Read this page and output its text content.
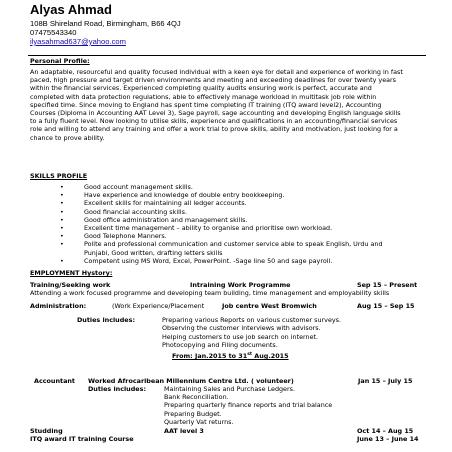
Alyas Ahmad
108B Shireland Road, Birmingham, B66 4QJ
07475543340
ilyasahmad637@yahoo.com
Personal Profile:
An adaptable, resourceful and quality focused individual with a keen eye for detail and experience of working in fast
paced, high pressure and target driven environments and meeting and exceeding deadlines for over twenty years
within the financial services. Experienced completing quality audits ensuring work is perfect, accurate and
completed with data protection regulations, able to effectively manage workload in multitask job role within
specified time. Since moving to England has spent time completing IT training (ITQ award level2), Accounting
Courses (Diploma in Accounting AAT Level 3), Sage payroll, sage accounting and developing English language skills
to a fully fluent level. Now looking to utilise skills, experience and qualifications in an accounting/financial services
role and willing to attend any training and offer a work trial to prove skills, ability and motivation, just looking for a
chance to prove ability.
SKILLS PROFILE
•	Good account management skills.
•	Have experience and knowledge of double entry bookkeeping.
•	Excellent skills for maintaining all ledger accounts.
•	Good financial accounting skills.
•	Good office administration and management skills.
•	Excellent time management – ability to organise and prioritise own workload.
•	Good Telephone Manners.
•	Polite and professional communication and customer service able to speak English, Urdu and
Punjabi, Good written, drafting letters skills
•	Competent using MS Word, Excel, PowerPoint. -Sage line 50 and sage payroll.
EMPLOYMENT Hystory:
Training/Seeking work	Intraining Work Programme	Sep 15 – Present
Attending a work focused programme and developing team building, time management and employability skills
Administration:	(Work Experience/Placement	Job centre West Bromwich	Aug 15 – Sep 15
Duties includes:	Preparing various Reports on various customer surveys.
Observing the customer interviews with advisors.
Helping customers to use job search on internet.
Photocopying and Filing documents.
From: Jan.2015 to 31st Aug.2015
Accountant Worked Afrocaribean Millennium Centre Ltd. ( volunteer)	Jan 15 – July 15
Duties includes:	Maintaining Sales and Purchase Ledgers.
Bank Reconciliation.
Preparing quarterly finance reports and trial balance
Preparing Budget.
Quarterly Vat returns.
Studding	AAT level 3	Oct 14 – Aug 15
ITQ award IT training Course	June 13 – June 14
